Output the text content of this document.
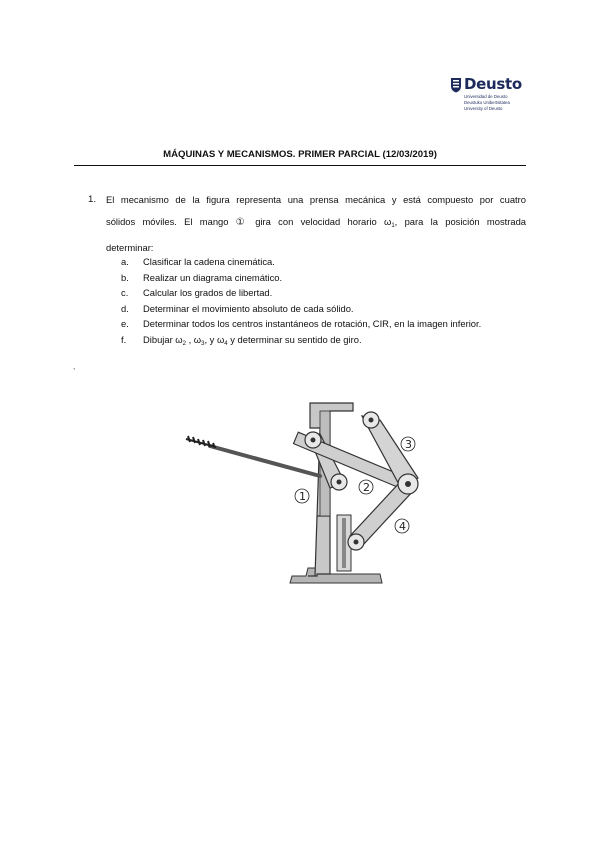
Deusto
Universidad de Deusto
Deustuko Unibertsitatea
University of Deusto
MÁQUINAS Y MECANISMOS. PRIMER PARCIAL (12/03/2019)
1. El mecanismo de la figura representa una prensa mecánica y está compuesto por cuatro sólidos móviles. El mango ① gira con velocidad horario $\omega_1$, para la posición mostrada determinar:
a. Clasificar la cadena cinemática.
b. Realizar un diagrama cinemático.
c. Calcular los grados de libertad.
d. Determinar el movimiento absoluto de cada sólido.
e. Determinar todos los centros instantáneos de rotación, CIR, en la imagen inferior.
f. Dibujar $\omega_2$ , $\omega_3$, y $\omega_4$ y determinar su sentido de giro.
,
1
2
3
4
